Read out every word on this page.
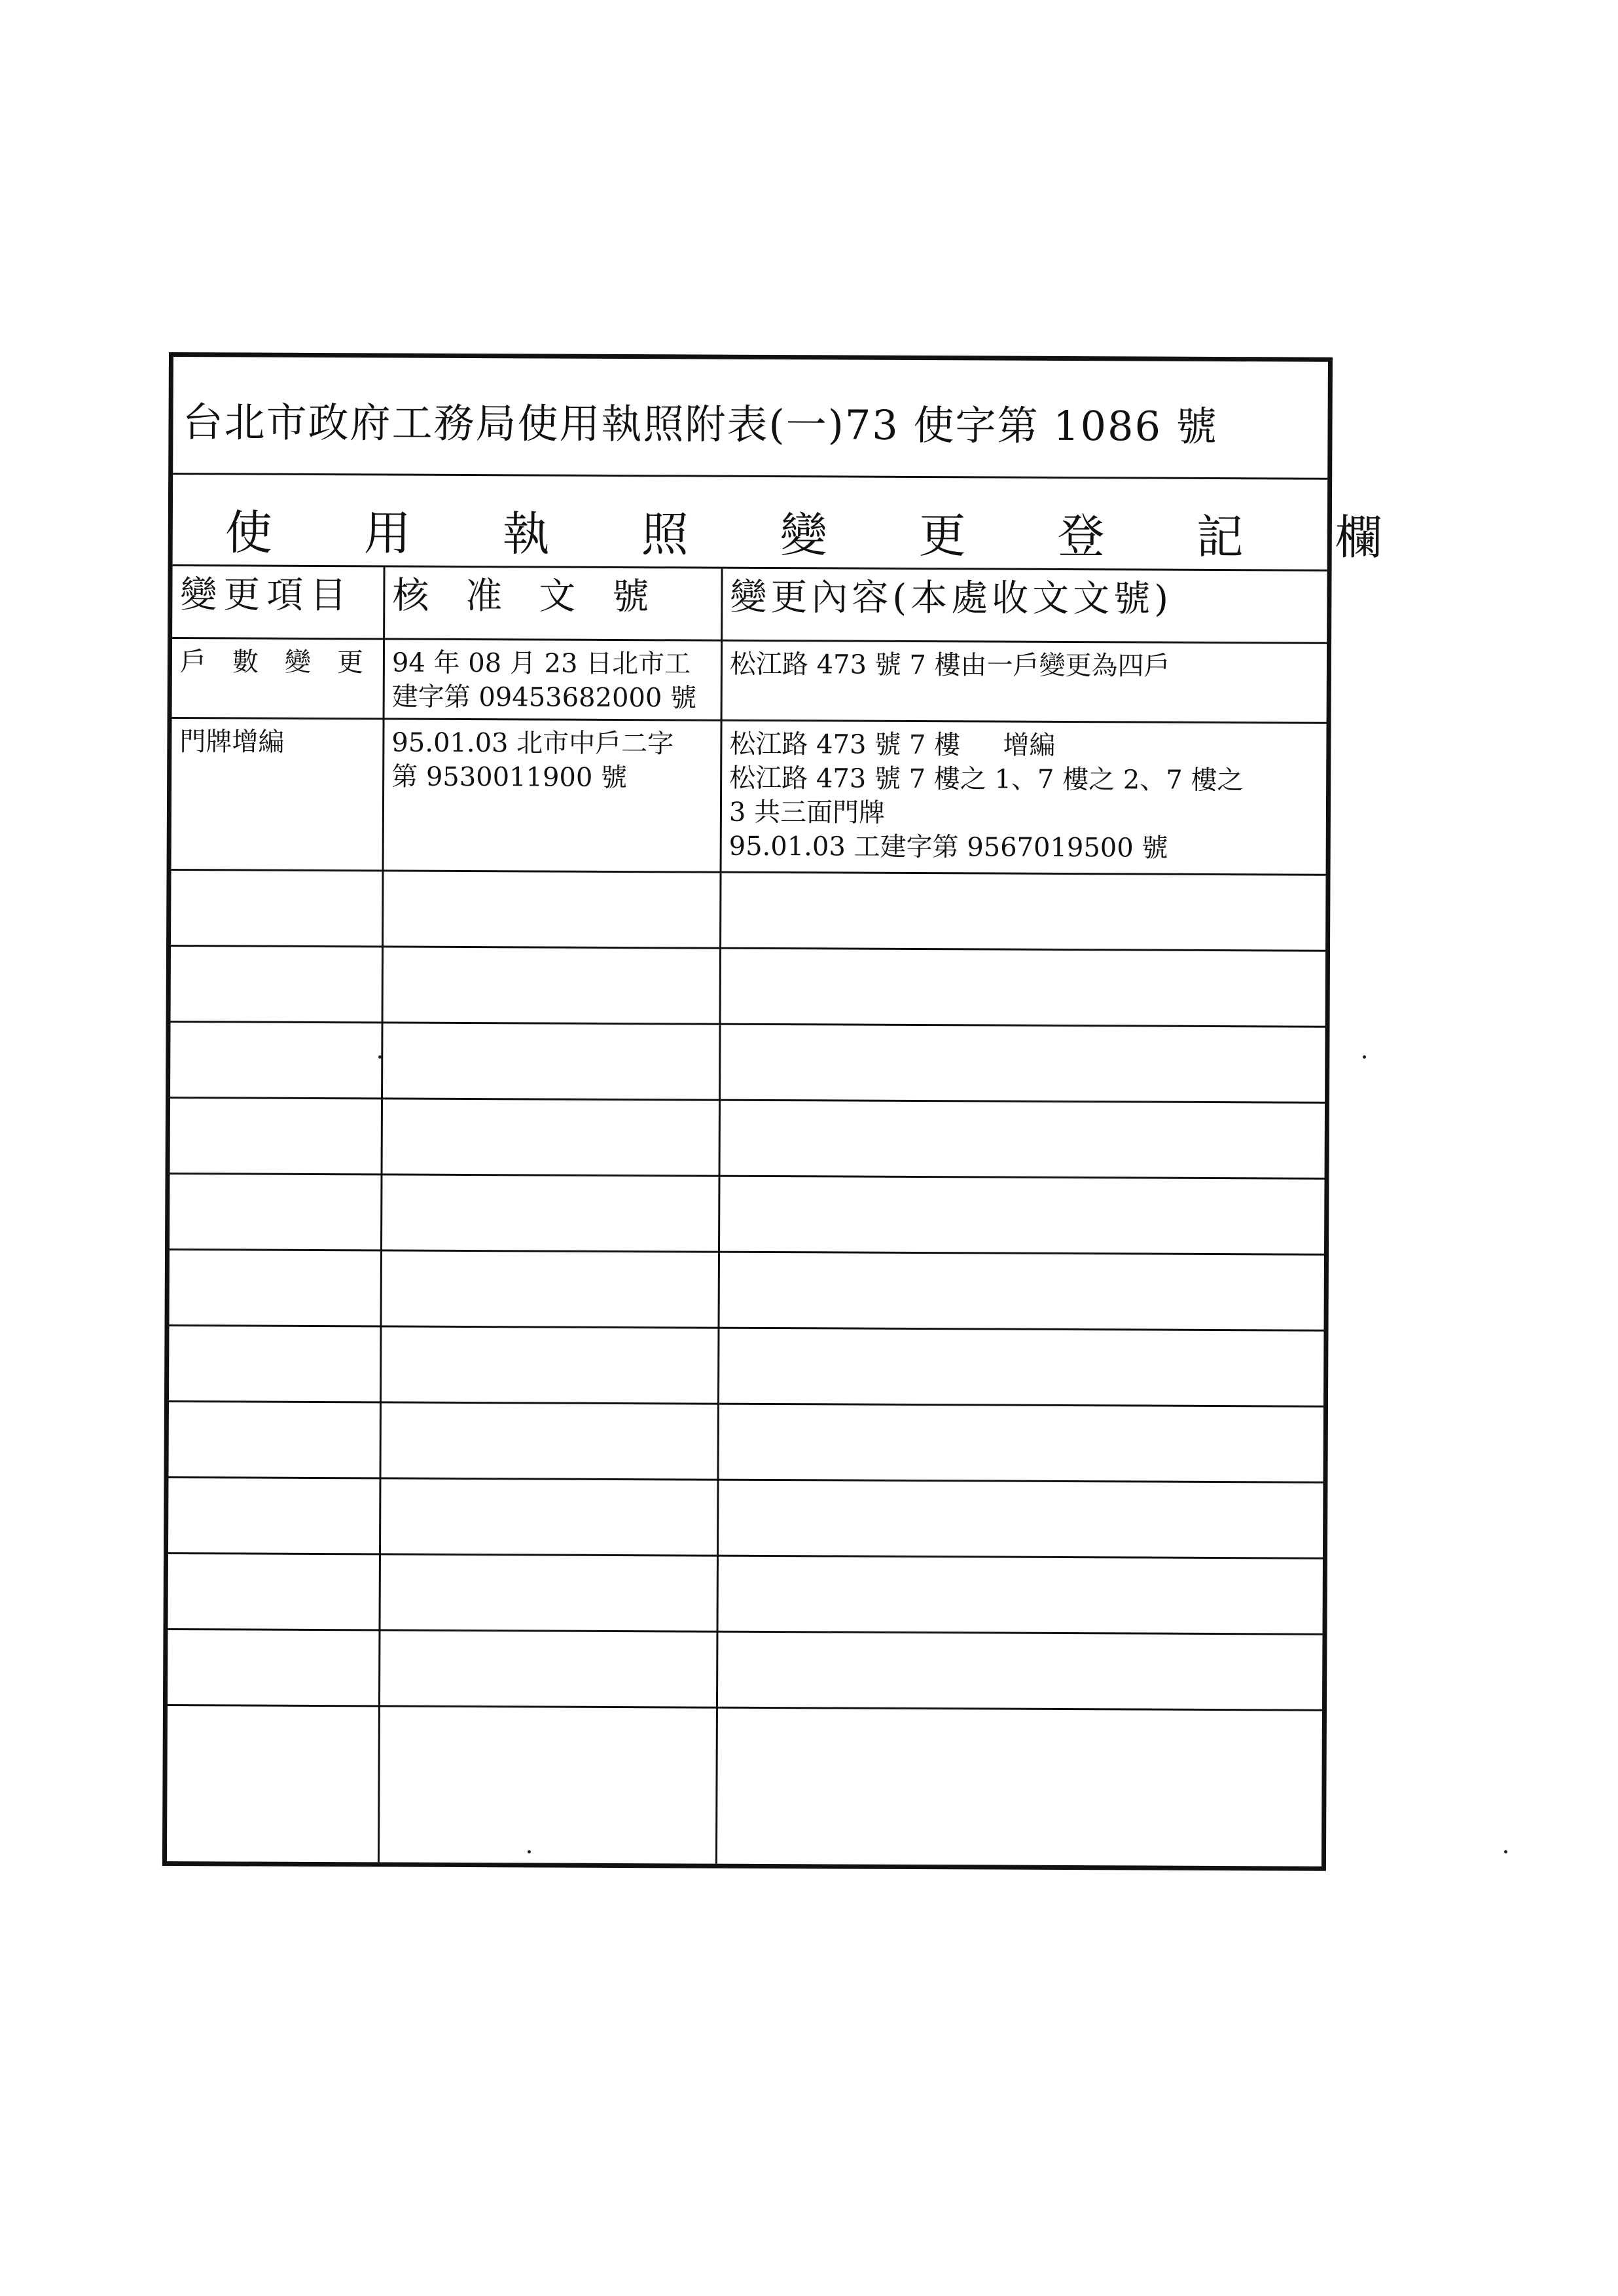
台北市政府工務局使用執照附表(一)73 使字第 1086 號
使用執照變更登記欄
變更項目 核　准　文　號 變更內容(本處收文文號)
戶　數　變　更 94 年 08 月 23 日北市工
建字第 09453682000 號
松江路 473 號 7 樓由一戶變更為四戶
門牌增編	95.01.03 北市中戶二字
第 9530011900 號
松江路 473 號 7 樓　  增編
松江路 473 號 7 樓之 1、7 樓之 2、7 樓之
3 共三面門牌
95.01.03 工建字第 9567019500 號
